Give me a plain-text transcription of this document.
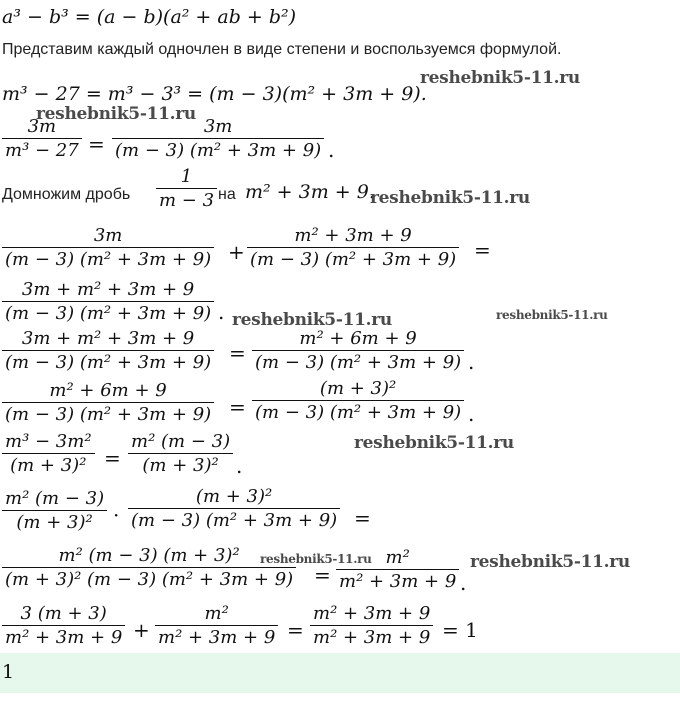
a³ − b³ = (a − b)(a² + ab + b²)
Представим каждый одночлен в виде степени и воспользуемся формулой.
m³ − 27 = m³ − 3³ = (m − 3)(m² + 3m + 9).
reshebnik5-11.ru
3m
m³ − 27
reshebnik5-11.ru
=
3m
(m − 3) (m² + 3m + 9) .
Домножим дробь
1
m − 3 на m² + 3m + 9.
reshebnik5-11.ru
3m
(m − 3) (m² + 3m + 9) +
m² + 3m + 9
(m − 3) (m² + 3m + 9) =
3m + m² + 3m + 9
(m − 3) (m² + 3m + 9) . reshebnik5-11.ru	reshebnik5-11.ru
3m + m² + 3m + 9
(m − 3) (m² + 3m + 9) =
m² + 6m + 9
(m − 3) (m² + 3m + 9) .
m² + 6m + 9
(m − 3) (m² + 3m + 9) =
(m + 3)²
(m − 3) (m² + 3m + 9) .
m³ − 3m²
(m + 3)² =
m² (m − 3)
(m + 3)² .
reshebnik5-11.ru
m² (m − 3)
(m + 3)² ·
(m + 3)²
(m − 3) (m² + 3m + 9) =
m² (m − 3) (m + 3)²
(m + 3)² (m − 3) (m² + 3m + 9)
reshebnik5-11.ru
=
m²
m² + 3m + 9 .
reshebnik5-11.ru
3 (m + 3)
m² + 3m + 9 +
m²
m² + 3m + 9 =
m² + 3m + 9
m² + 3m + 9 = 1
1
